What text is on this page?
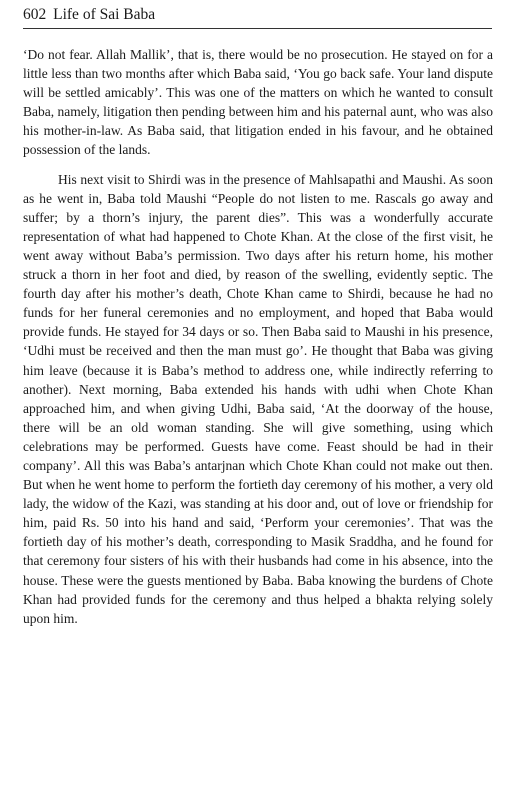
602 Life of Sai Baba

‘Do not fear. Allah Mallik’, that is, there would be no prosecution. He stayed on for a little less than two months after which Baba said, ‘You go back safe. Your land dispute will be settled amicably’. This was one of the matters on which he wanted to consult Baba, namely, litigation then pending between him and his paternal aunt, who was also his mother-in-law. As Baba said, that litigation ended in his favour, and he obtained possession of the lands.

His next visit to Shirdi was in the presence of Mahlsapathi and Maushi. As soon as he went in, Baba told Maushi “People do not listen to me. Rascals go away and suffer; by a thorn’s injury, the parent dies”. This was a wonderfully accurate representation of what had happened to Chote Khan. At the close of the first visit, he went away without Baba’s permission. Two days after his return home, his mother struck a thorn in her foot and died, by reason of the swelling, evidently septic. The fourth day after his mother’s death, Chote Khan came to Shirdi, because he had no funds for her funeral ceremonies and no employment, and hoped that Baba would provide funds. He stayed for 34 days or so. Then Baba said to Maushi in his presence, ‘Udhi must be received and then the man must go’. He thought that Baba was giving him leave (because it is Baba’s method to address one, while indirectly referring to another). Next morning, Baba extended his hands with udhi when Chote Khan approached him, and when giving Udhi, Baba said, ‘At the doorway of the house, there will be an old woman standing. She will give something, using which celebrations may be performed. Guests have come. Feast should be had in their company’. All this was Baba’s antarjnan which Chote Khan could not make out then. But when he went home to perform the fortieth day ceremony of his mother, a very old lady, the widow of the Kazi, was standing at his door and, out of love or friendship for him, paid Rs. 50 into his hand and said, ‘Perform your ceremonies’. That was the fortieth day of his mother’s death, corresponding to Masik Sraddha, and he found for that ceremony four sisters of his with their husbands had come in his absence, into the house. These were the guests mentioned by Baba. Baba knowing the burdens of Chote Khan had provided funds for the ceremony and thus helped a bhakta relying solely upon him.
